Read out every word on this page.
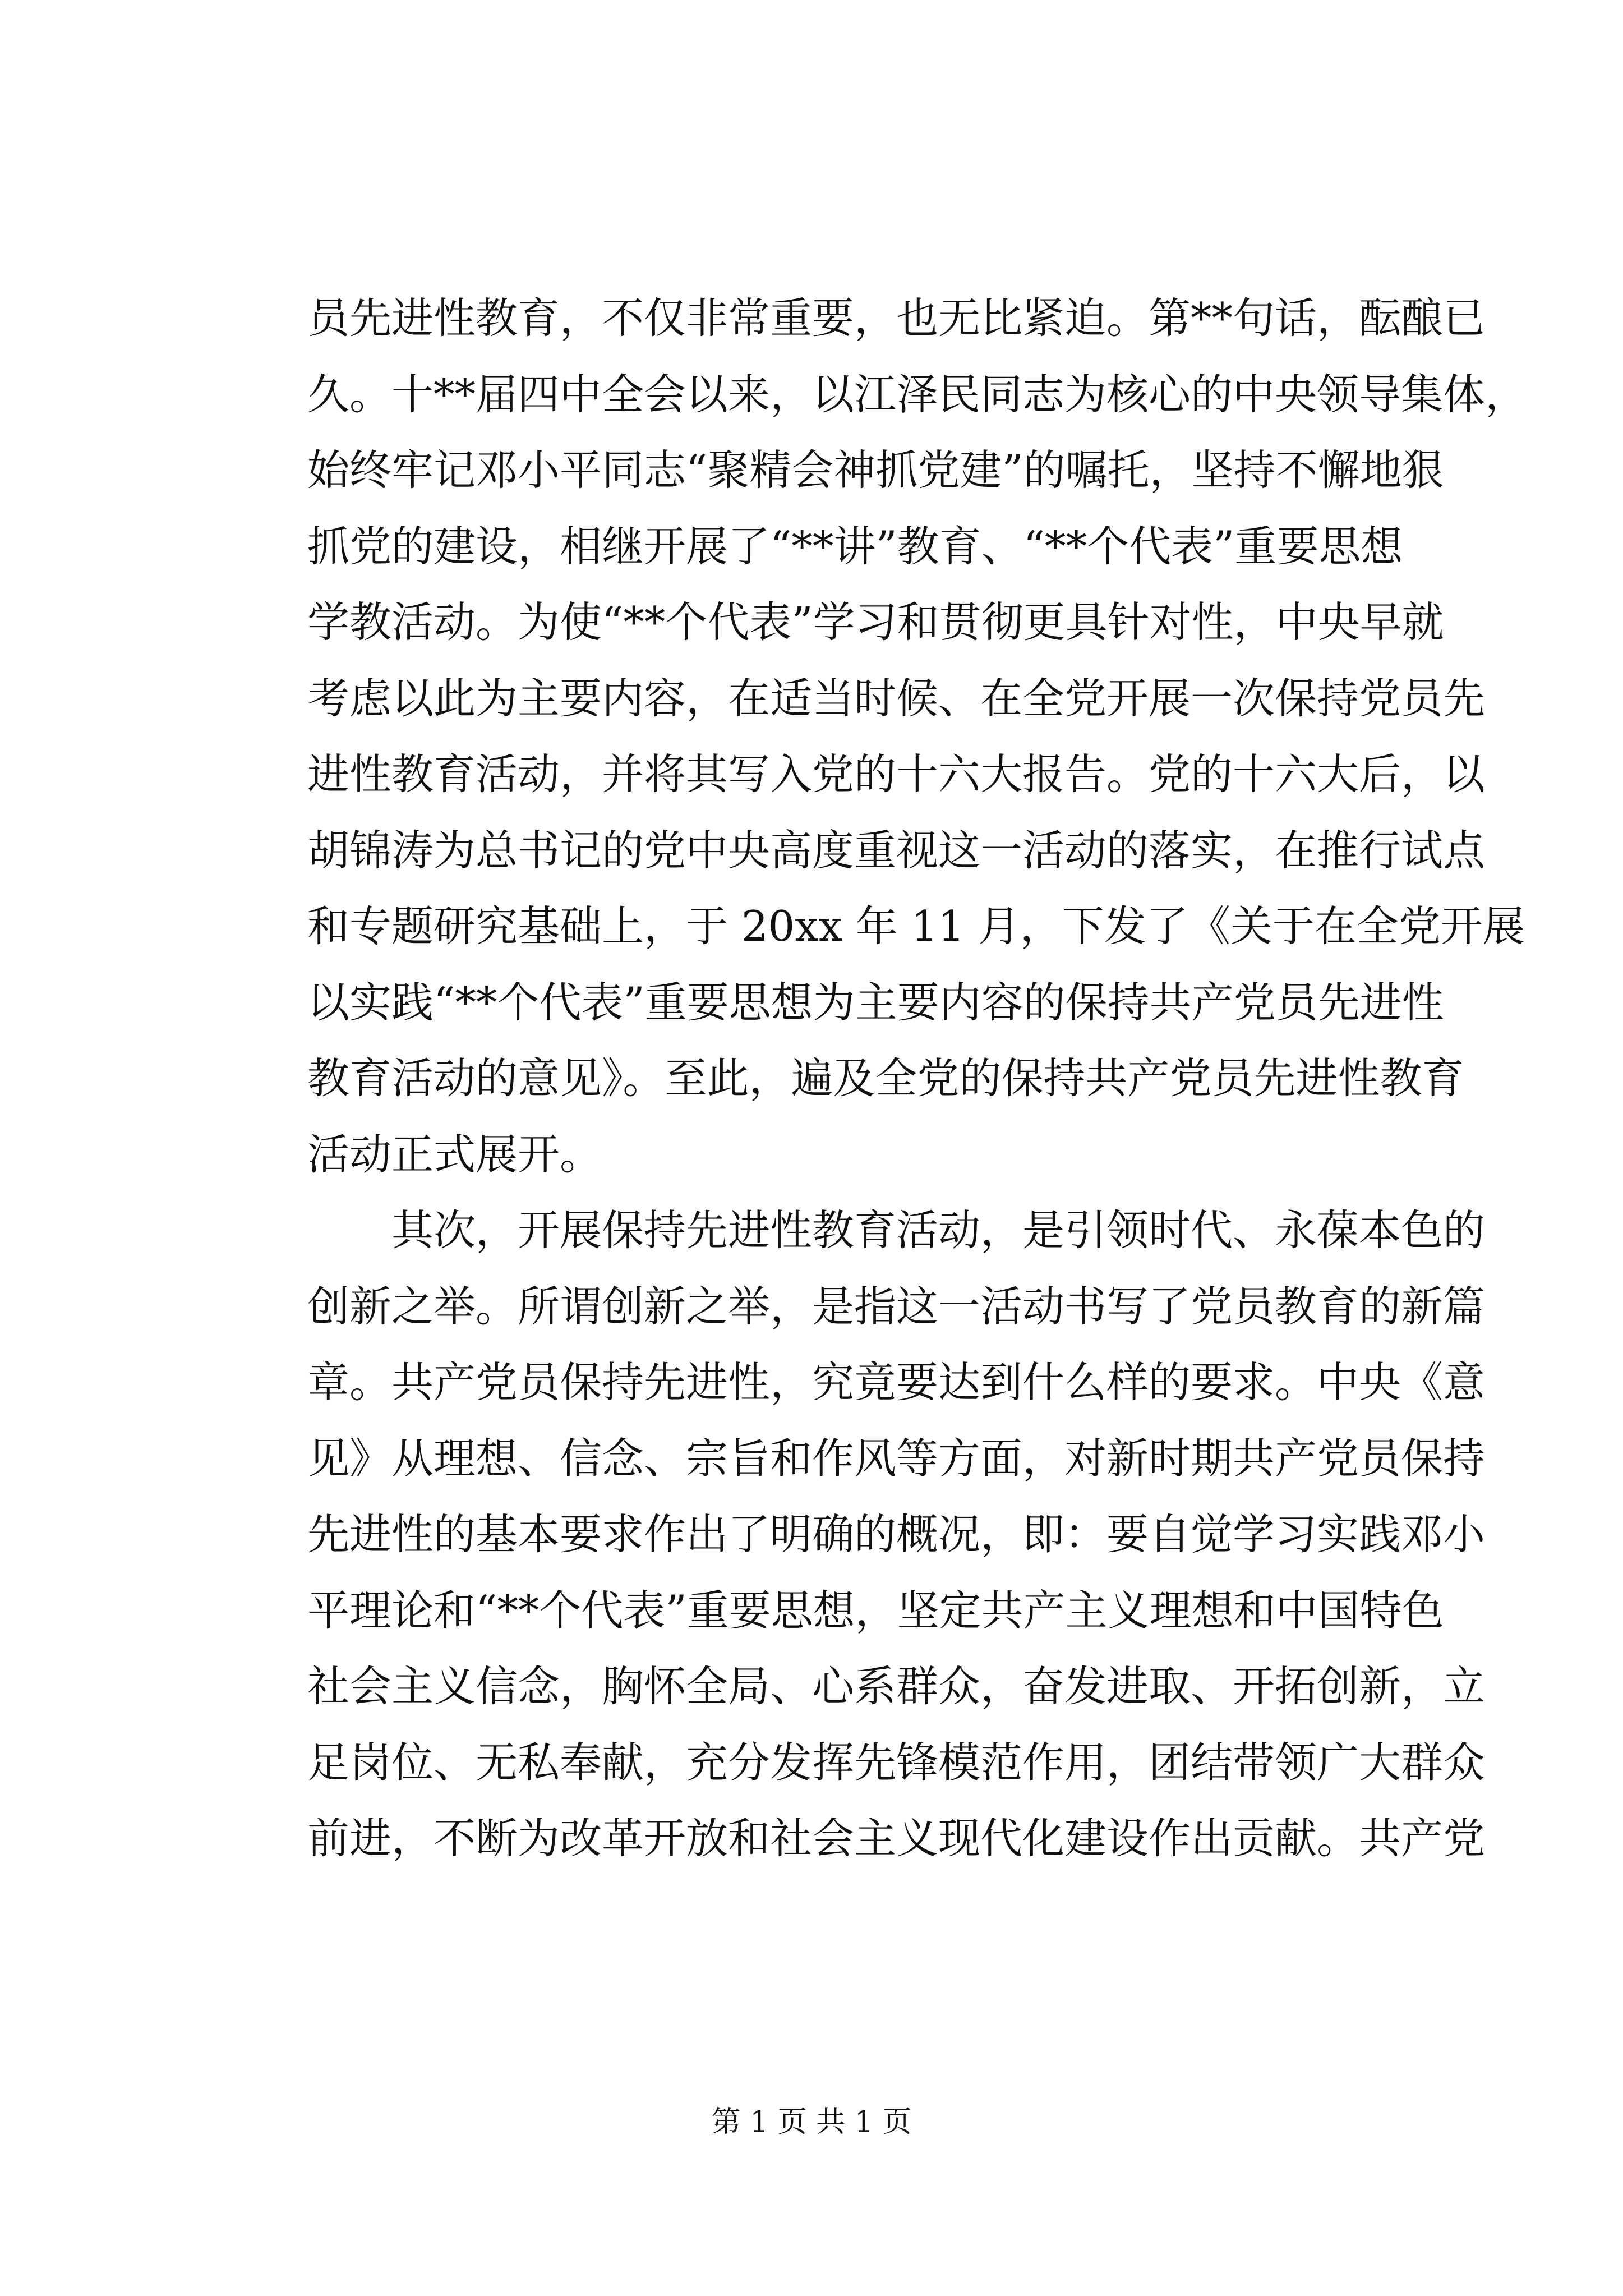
员先进性教育，不仅非常重要，也无比紧迫。第**句话，酝酿已
久。十**届四中全会以来，以江泽民同志为核心的中央领导集体，
始终牢记邓小平同志“聚精会神抓党建”的嘱托，坚持不懈地狠
抓党的建设，相继开展了“**讲”教育、“**个代表”重要思想
学教活动。为使“**个代表”学习和贯彻更具针对性，中央早就
考虑以此为主要内容，在适当时候、在全党开展一次保持党员先
进性教育活动，并将其写入党的十六大报告。党的十六大后，以
胡锦涛为总书记的党中央高度重视这一活动的落实，在推行试点
和专题研究基础上，于 20xx 年 11 月，下发了《关于在全党开展
以实践“**个代表”重要思想为主要内容的保持共产党员先进性
教育活动的意见》。至此，遍及全党的保持共产党员先进性教育
活动正式展开。
　　其次，开展保持先进性教育活动，是引领时代、永葆本色的
创新之举。所谓创新之举，是指这一活动书写了党员教育的新篇
章。共产党员保持先进性，究竟要达到什么样的要求。中央《意
见》从理想、信念、宗旨和作风等方面，对新时期共产党员保持
先进性的基本要求作出了明确的概况，即：要自觉学习实践邓小
平理论和“**个代表”重要思想，坚定共产主义理想和中国特色
社会主义信念，胸怀全局、心系群众，奋发进取、开拓创新，立
足岗位、无私奉献，充分发挥先锋模范作用，团结带领广大群众
前进，不断为改革开放和社会主义现代化建设作出贡献。共产党
第 1 页 共 1 页
